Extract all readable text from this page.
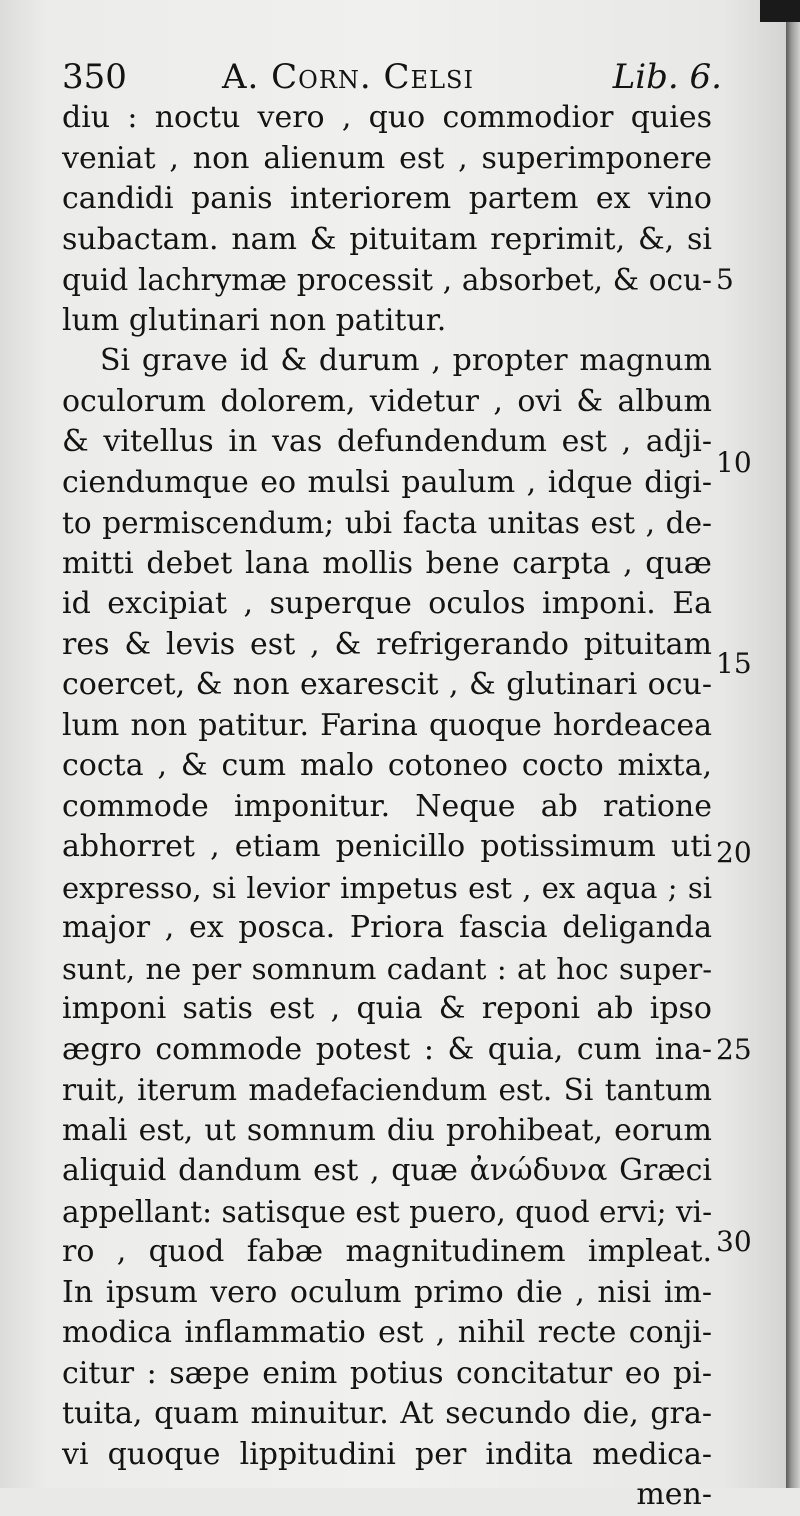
350	A. Corn. Celsi	Lib. 6.
diu : noctu vero , quo commodior quies
veniat , non alienum est , superimponere
candidi panis interiorem partem ex vino
subactam. nam & pituitam reprimit, &, si
quid lachrymæ processit , absorbet, & ocu-
lum glutinari non patitur.
Si grave id & durum , propter magnum
oculorum dolorem, videtur , ovi & album
& vitellus in vas defundendum est , adji-
ciendumque eo mulsi paulum , idque digi-
to permiscendum; ubi facta unitas est , de-
mitti debet lana mollis bene carpta , quæ
id excipiat , superque oculos imponi. Ea
res & levis est , & refrigerando pituitam
coercet, & non exarescit , & glutinari ocu-
lum non patitur. Farina quoque hordeacea
cocta , & cum malo cotoneo cocto mixta,
commode imponitur. Neque ab ratione
abhorret , etiam penicillo potissimum uti
expresso, si levior impetus est , ex aqua ; si
major , ex posca. Priora fascia deliganda
sunt, ne per somnum cadant : at hoc super-
imponi satis est , quia & reponi ab ipso
ægro commode potest : & quia, cum ina-
ruit, iterum madefaciendum est. Si tantum
mali est, ut somnum diu prohibeat, eorum
aliquid dandum est , quæ ἀνώδυνα Græci
appellant: satisque est puero, quod ervi; vi-
ro , quod fabæ magnitudinem impleat.
In ipsum vero oculum primo die , nisi im-
modica inflammatio est , nihil recte conji-
citur : sæpe enim potius concitatur eo pi-
tuita, quam minuitur. At secundo die, gra-
vi quoque lippitudini per indita medica-
men-
5
10
15
20
25
30
